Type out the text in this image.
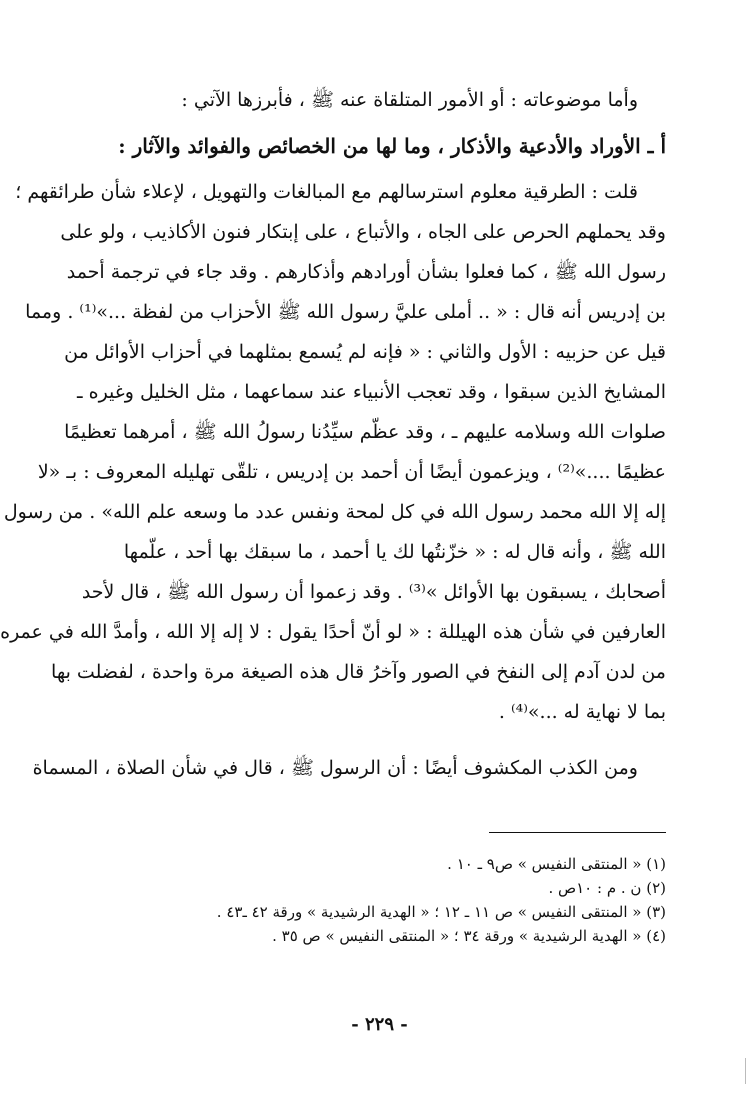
وأما موضوعاته : أو الأمور المتلقاة عنه ﷺ ، فأبرزها الآتي :
أ ـ الأوراد والأدعية والأذكار ، وما لها من الخصائص والفوائد والآثار :
قلت : الطرقية معلوم استرسالهم مع المبالغات والتهويل ، لإعلاء شأن طرائقهم ؛
وقد يحملهم الحرص على الجاه ، والأتباع ، على إبتكار فنون الأكاذيب ، ولو على
رسول الله ﷺ ، كما فعلوا بشأن أورادهم وأذكارهم . وقد جاء في ترجمة أحمد
بن إدريس أنه قال : « .. أملى عليَّ رسول الله ﷺ الأحزاب من لفظة ...»⁽¹⁾ . ومما
قيل عن حزبيه : الأول والثاني : « فإنه لم يُسمع بمثلهما في أحزاب الأوائل من
المشايخ الذين سبقوا ، وقد تعجب الأنبياء عند سماعهما ، مثل الخليل وغيره ـ
صلوات الله وسلامه عليهم ـ ، وقد عظّم سيِّدُنا رسولُ الله ﷺ ، أمرهما تعظيمًا
عظيمًا ....»⁽²⁾ ، ويزعمون أيضًا أن أحمد بن إدريس ، تلقّى تهليله المعروف : بـ «لا
إله إلا الله محمد رسول الله في كل لمحة ونفس عدد ما وسعه علم الله» . من رسول
الله ﷺ ، وأنه قال له : « خزّنتُها لك يا أحمد ، ما سبقك بها أحد ، علّمها
أصحابك ، يسبقون بها الأوائل »⁽³⁾ . وقد زعموا أن رسول الله ﷺ ، قال لأحد
العارفين في شأن هذه الهيللة : « لو أنّ أحدًا يقول : لا إله إلا الله ، وأمدَّ الله في عمره
من لدن آدم إلى النفخ في الصور وآخرُ قال هذه الصيغة مرة واحدة ، لفضلت بها
بما لا نهاية له ...»⁽⁴⁾ .
ومن الكذب المكشوف أيضًا : أن الرسول ﷺ ، قال في شأن الصلاة ، المسماة
(١) « المنتقى النفيس » ص٩ ـ ١٠ .
(٢) ن . م : ١٠ص .
(٣) « المنتقى النفيس » ص ١١ ـ ١٢ ؛ « الهدية الرشيدية » ورقة ٤٢ ـ٤٣ .
(٤) « الهدية الرشيدية » ورقة ٣٤ ؛ « المنتقى النفيس » ص ٣٥ .
- ٢٢٩ -
